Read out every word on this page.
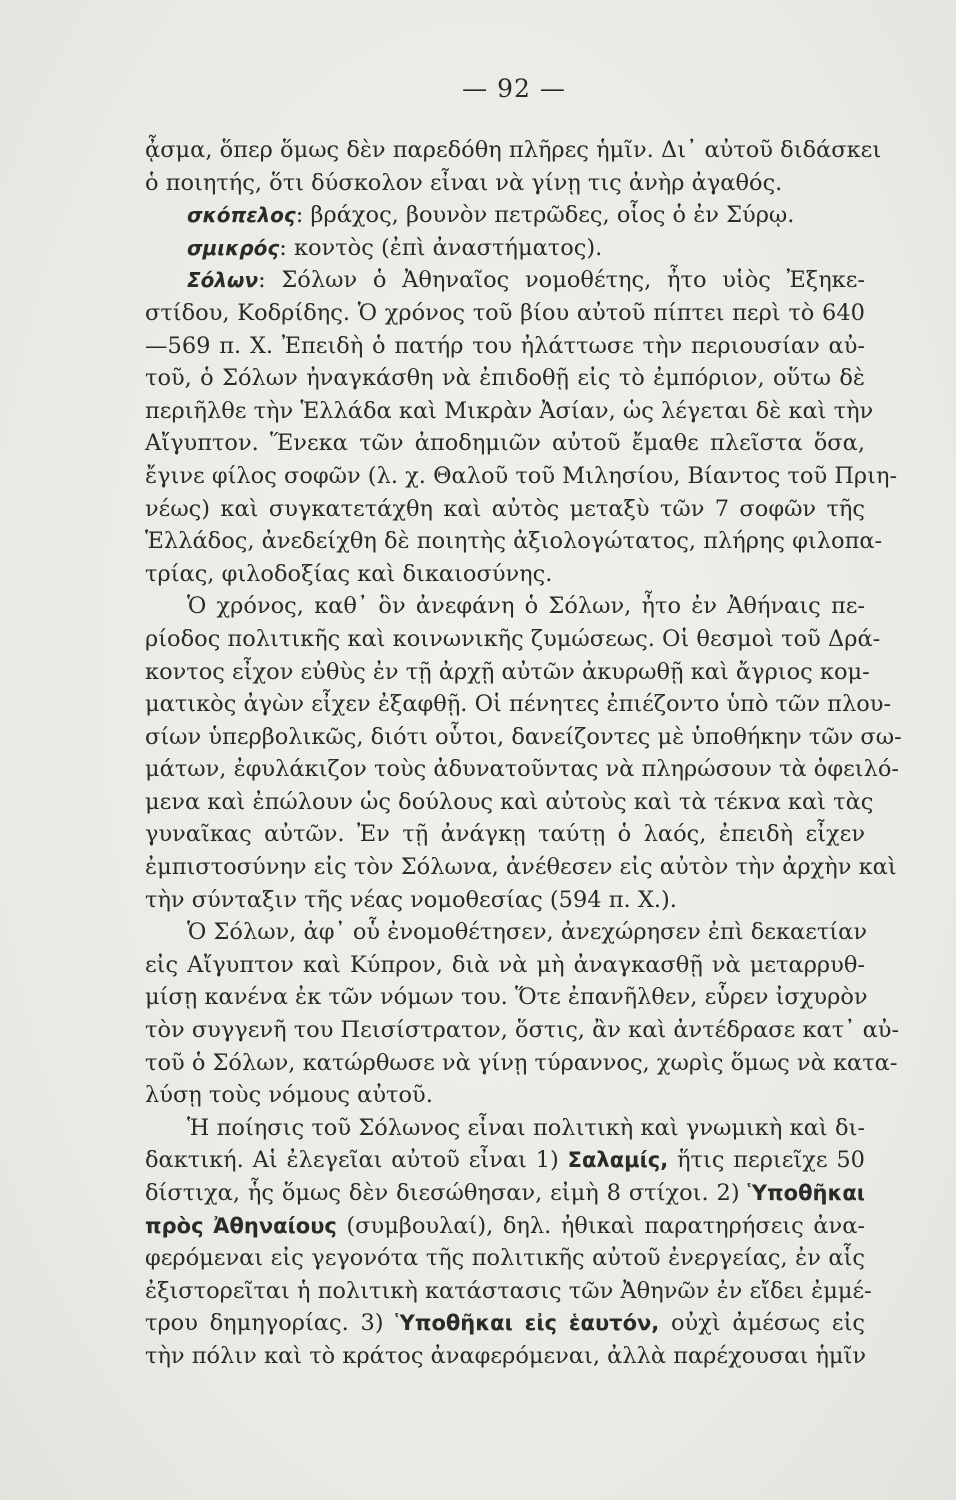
— 92 —
ᾆσμα, ὅπερ ὅμως δὲν παρεδόθη πλῆρες ἡμῖν. Δι᾽ αὐτοῦ διδάσκει
ὁ ποιητής, ὅτι δύσκολον εἶναι νὰ γίνῃ τις ἀνὴρ ἀγαθός.
σκόπελος: βράχος, βουνὸν πετρῶδες, οἷος ὁ ἐν Σύρῳ.
σμικρός: κοντὸς (ἐπὶ ἀναστήματος).
Σόλων: Σόλων ὁ Ἀθηναῖος νομοθέτης, ἦτο υἱὸς Ἐξηκε-
στίδου, Κοδρίδης. Ὁ χρόνος τοῦ βίου αὐτοῦ πίπτει περὶ τὸ 640
—569 π. Χ. Ἐπειδὴ ὁ πατήρ του ἠλάττωσε τὴν περιουσίαν αὐ-
τοῦ, ὁ Σόλων ἠναγκάσθη νὰ ἐπιδοθῇ εἰς τὸ ἐμπόριον, οὕτω δὲ
περιῆλθε τὴν Ἑλλάδα καὶ Μικρὰν Ἀσίαν, ὡς λέγεται δὲ καὶ τὴν
Αἴγυπτον. Ἕνεκα τῶν ἀποδημιῶν αὐτοῦ ἔμαθε πλεῖστα ὅσα,
ἔγινε φίλος σοφῶν (λ. χ. Θαλοῦ τοῦ Μιλησίου, Βίαντος τοῦ Πριη-
νέως) καὶ συγκατετάχθη καὶ αὐτὸς μεταξὺ τῶν 7 σοφῶν τῆς
Ἑλλάδος, ἀνεδείχθη δὲ ποιητὴς ἀξιολογώτατος, πλήρης φιλοπα-
τρίας, φιλοδοξίας καὶ δικαιοσύνης.
Ὁ χρόνος, καθ᾽ ὃν ἀνεφάνη ὁ Σόλων, ἦτο ἐν Ἀθήναις πε-
ρίοδος πολιτικῆς καὶ κοινωνικῆς ζυμώσεως. Οἱ θεσμοὶ τοῦ Δρά-
κοντος εἶχον εὐθὺς ἐν τῇ ἀρχῇ αὐτῶν ἀκυρωθῇ καὶ ἄγριος κομ-
ματικὸς ἀγὼν εἶχεν ἐξαφθῇ. Οἱ πένητες ἐπιέζοντο ὑπὸ τῶν πλου-
σίων ὑπερβολικῶς, διότι οὗτοι, δανείζοντες μὲ ὑποθήκην τῶν σω-
μάτων, ἐφυλάκιζον τοὺς ἀδυνατοῦντας νὰ πληρώσουν τὰ ὀφειλό-
μενα καὶ ἐπώλουν ὡς δούλους καὶ αὐτοὺς καὶ τὰ τέκνα καὶ τὰς
γυναῖκας αὐτῶν. Ἐν τῇ ἀνάγκῃ ταύτῃ ὁ λαός, ἐπειδὴ εἶχεν
ἐμπιστοσύνην εἰς τὸν Σόλωνα, ἀνέθεσεν εἰς αὐτὸν τὴν ἀρχὴν καὶ
τὴν σύνταξιν τῆς νέας νομοθεσίας (594 π. Χ.).
Ὁ Σόλων, ἀφ᾽ οὗ ἐνομοθέτησεν, ἀνεχώρησεν ἐπὶ δεκαετίαν
εἰς Αἴγυπτον καὶ Κύπρον, διὰ νὰ μὴ ἀναγκασθῇ νὰ μεταρρυθ-
μίσῃ κανένα ἐκ τῶν νόμων του. Ὅτε ἐπανῆλθεν, εὗρεν ἰσχυρὸν
τὸν συγγενῆ του Πεισίστρατον, ὅστις, ἂν καὶ ἀντέδρασε κατ᾽ αὐ-
τοῦ ὁ Σόλων, κατώρθωσε νὰ γίνῃ τύραννος, χωρὶς ὅμως νὰ κατα-
λύσῃ τοὺς νόμους αὐτοῦ.
Ἡ ποίησις τοῦ Σόλωνος εἶναι πολιτικὴ καὶ γνωμικὴ καὶ δι-
δακτική. Αἱ ἐλεγεῖαι αὐτοῦ εἶναι 1) Σαλαμίς, ἥτις περιεῖχε 50
δίστιχα, ἧς ὅμως δὲν διεσώθησαν, εἰμὴ 8 στίχοι. 2) Ὑποθῆκαι
πρὸς Ἀθηναίους (συμβουλαί), δηλ. ἠθικαὶ παρατηρήσεις ἀνα-
φερόμεναι εἰς γεγονότα τῆς πολιτικῆς αὐτοῦ ἐνεργείας, ἐν αἷς
ἐξιστορεῖται ἡ πολιτικὴ κατάστασις τῶν Ἀθηνῶν ἐν εἴδει ἐμμέ-
τρου δημηγορίας. 3) Ὑποθῆκαι εἰς ἑαυτόν, οὐχὶ ἀμέσως εἰς
τὴν πόλιν καὶ τὸ κράτος ἀναφερόμεναι, ἀλλὰ παρέχουσαι ἡμῖν
